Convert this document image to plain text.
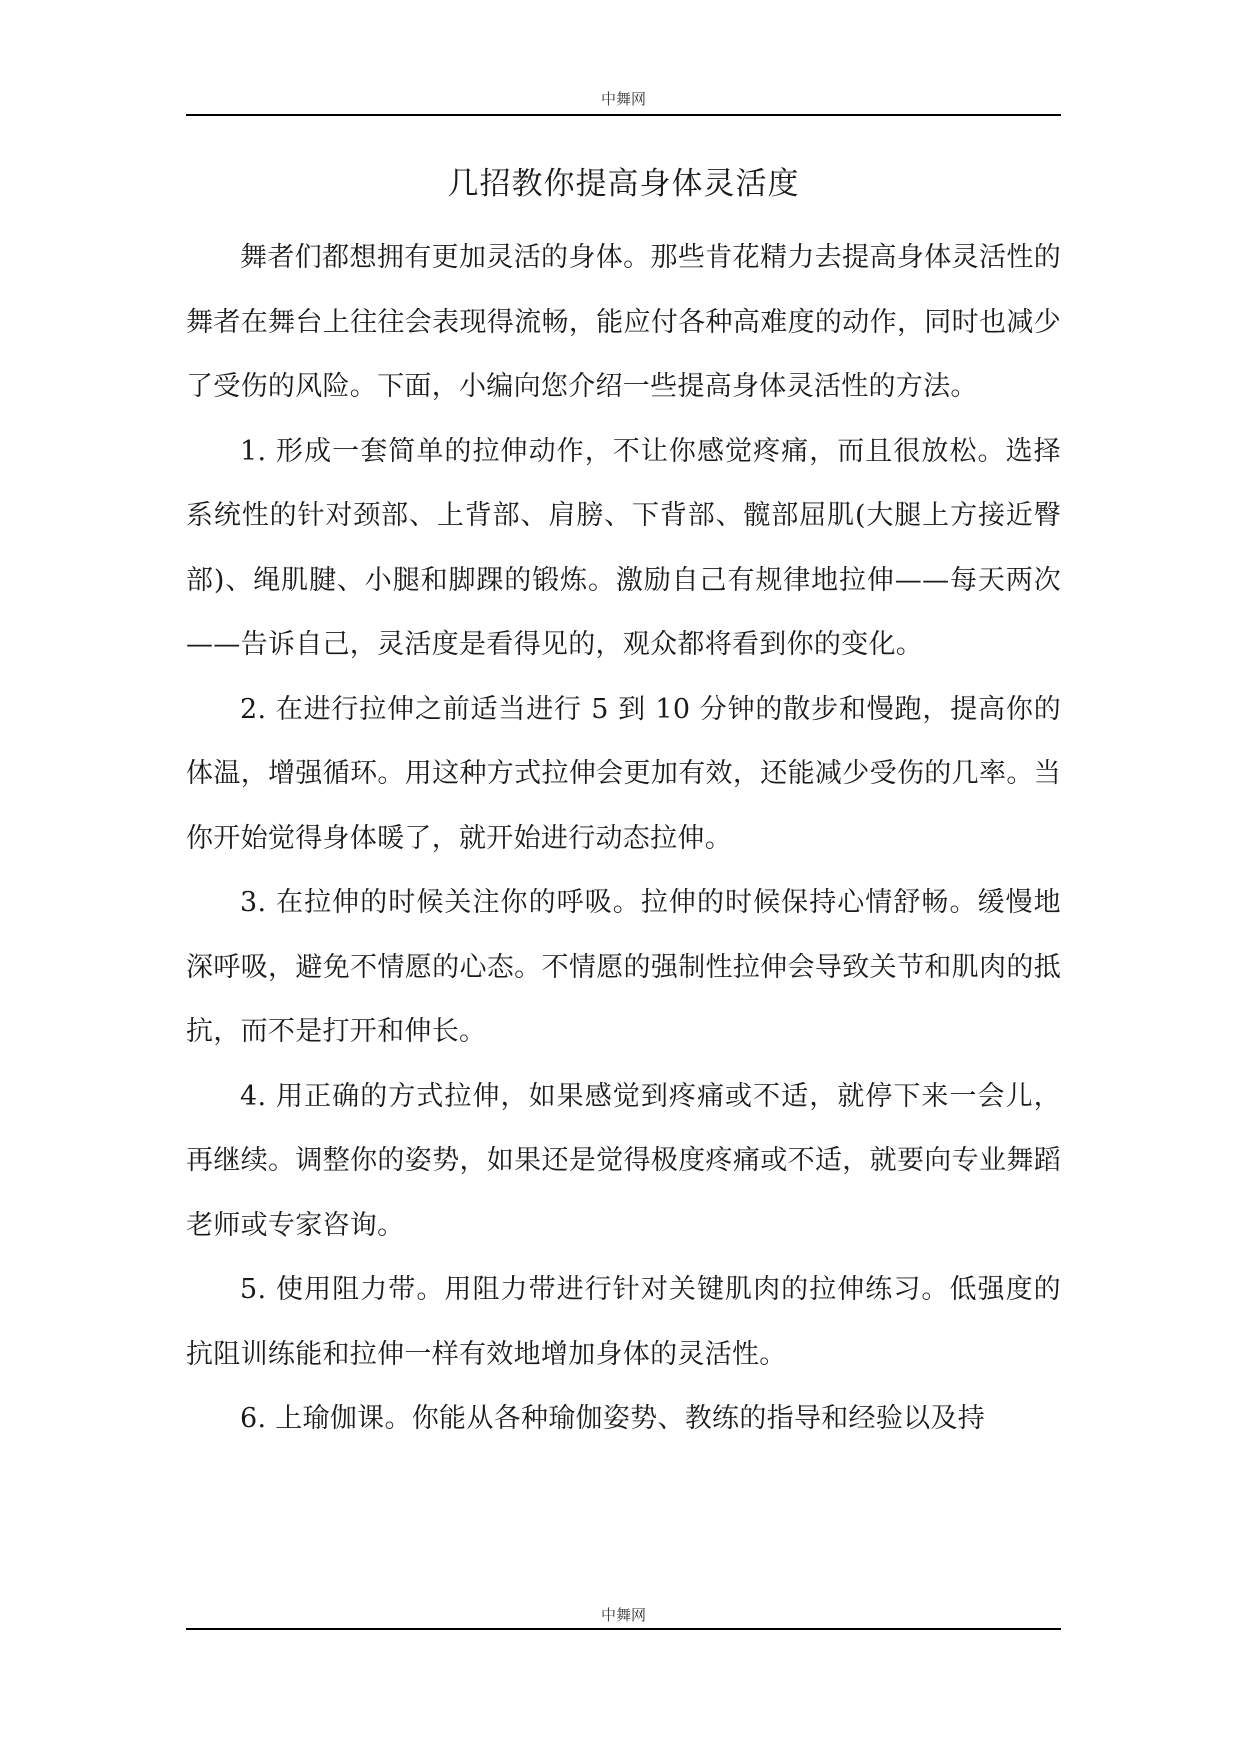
中舞网
几招教你提高身体灵活度

舞者们都想拥有更加灵活的身体。那些肯花精力去提高身体灵活性的舞者在舞台上往往会表现得流畅，能应付各种高难度的动作，同时也减少了受伤的风险。下面，小编向您介绍一些提高身体灵活性的方法。

1. 形成一套简单的拉伸动作，不让你感觉疼痛，而且很放松。选择系统性的针对颈部、上背部、肩膀、下背部、髋部屈肌(大腿上方接近臀部)、绳肌腱、小腿和脚踝的锻炼。激励自己有规律地拉伸——每天两次——告诉自己，灵活度是看得见的，观众都将看到你的变化。

2. 在进行拉伸之前适当进行 5 到 10 分钟的散步和慢跑，提高你的体温，增强循环。用这种方式拉伸会更加有效，还能减少受伤的几率。当你开始觉得身体暖了，就开始进行动态拉伸。

3. 在拉伸的时候关注你的呼吸。拉伸的时候保持心情舒畅。缓慢地深呼吸，避免不情愿的心态。不情愿的强制性拉伸会导致关节和肌肉的抵抗，而不是打开和伸长。

4. 用正确的方式拉伸，如果感觉到疼痛或不适，就停下来一会儿，再继续。调整你的姿势，如果还是觉得极度疼痛或不适，就要向专业舞蹈老师或专家咨询。

5. 使用阻力带。用阻力带进行针对关键肌肉的拉伸练习。低强度的抗阻训练能和拉伸一样有效地增加身体的灵活性。

6. 上瑜伽课。你能从各种瑜伽姿势、教练的指导和经验以及持

中舞网
